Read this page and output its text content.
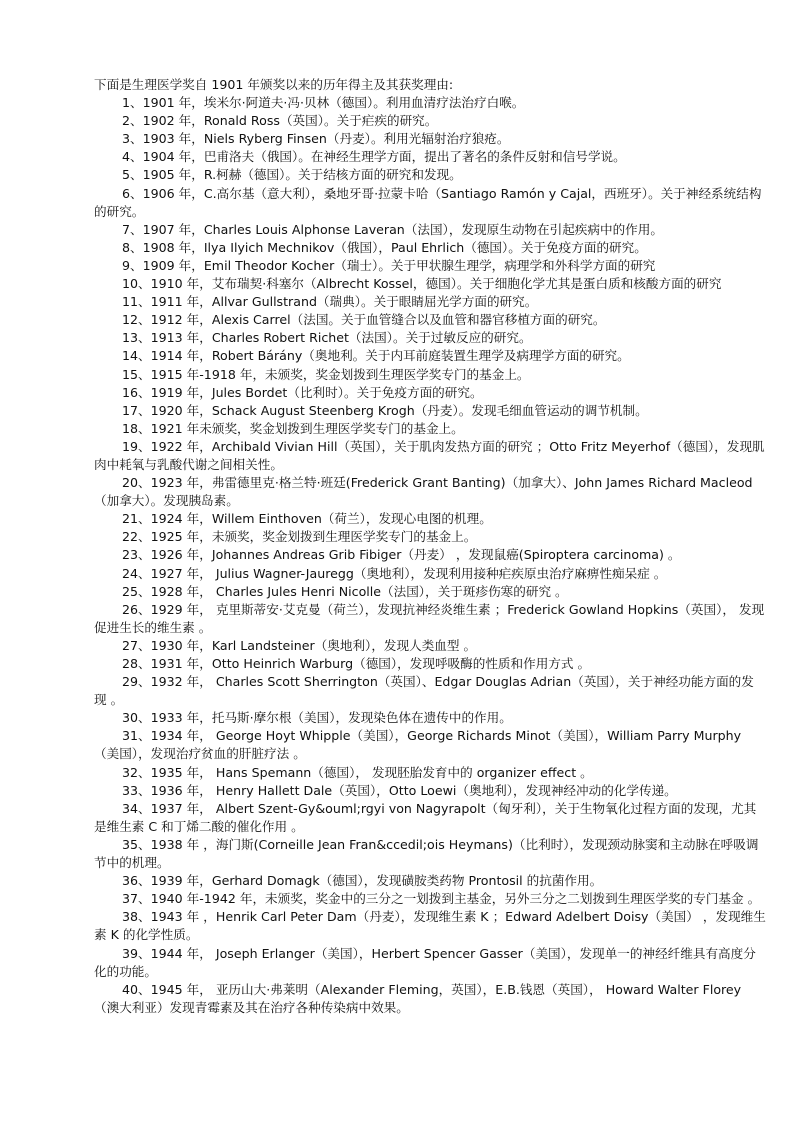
下面是生理医学奖自 1901 年颁奖以来的历年得主及其获奖理由:

1、1901 年，埃米尔·阿道夫·冯·贝林（德国）。利用血清疗法治疗白喉。

2、1902 年，Ronald Ross（英国）。关于疟疾的研究。

3、1903 年，Niels Ryberg Finsen（丹麦）。利用光辐射治疗狼疮。

4、1904 年，巴甫洛夫（俄国）。在神经生理学方面，提出了著名的条件反射和信号学说。

5、1905 年，R.柯赫（德国）。关于结核方面的研究和发现。

6、1906 年，C.高尔基（意大利），桑地牙哥·拉蒙卡哈（Santiago Ramón y Cajal，西班牙）。关于神经系统结构的研究。

7、1907 年，Charles Louis Alphonse Laveran（法国），发现原生动物在引起疾病中的作用。

8、1908 年，Ilya Ilyich Mechnikov（俄国），Paul Ehrlich（德国）。关于免疫方面的研究。

9、1909 年，Emil Theodor Kocher（瑞士）。关于甲状腺生理学，病理学和外科学方面的研究

10、1910 年，艾布瑞契·科塞尔（Albrecht Kossel，德国）。关于细胞化学尤其是蛋白质和核酸方面的研究

11、1911 年，Allvar Gullstrand（瑞典）。关于眼睛屈光学方面的研究。

12、1912 年，Alexis Carrel（法国。关于血管缝合以及血管和器官移植方面的研究。

13、1913 年，Charles Robert Richet（法国）。关于过敏反应的研究。

14、1914 年，Robert Bárány（奥地利。关于内耳前庭装置生理学及病理学方面的研究。

15、1915 年-1918 年，未颁奖，奖金划拨到生理医学奖专门的基金上。

16、1919 年，Jules Bordet（比利时）。关于免疫方面的研究。

17、1920 年，Schack August Steenberg Krogh（丹麦）。发现毛细血管运动的调节机制。

18、1921 年未颁奖，奖金划拨到生理医学奖专门的基金上。

19、1922 年，Archibald Vivian Hill（英国），关于肌肉发热方面的研究 ；Otto Fritz Meyerhof（德国），发现肌肉中耗氧与乳酸代谢之间相关性。

20、1923 年，弗雷德里克·格兰特·班廷(Frederick Grant Banting)（加拿大）、John James Richard Macleod（加拿大）。发现胰岛素。

21、1924 年，Willem Einthoven（荷兰），发现心电图的机理。

22、1925 年，未颁奖，奖金划拨到生理医学奖专门的基金上。

23、1926 年，Johannes Andreas Grib Fibiger（丹麦） ，发现鼠癌(Spiroptera carcinoma) 。

24、1927 年， Julius Wagner-Jauregg（奥地利），发现利用接种疟疾原虫治疗麻痹性痴呆症 。

25、1928 年， Charles Jules Henri Nicolle（法国），关于斑疹伤寒的研究 。

26、1929 年， 克里斯蒂安·艾克曼（荷兰），发现抗神经炎维生素 ；Frederick Gowland Hopkins（英国）， 发现促进生长的维生素 。

27、1930 年，Karl Landsteiner（奥地利），发现人类血型 。

28、1931 年，Otto Heinrich Warburg（德国），发现呼吸酶的性质和作用方式 。

29、1932 年， Charles Scott Sherrington（英国）、Edgar Douglas Adrian（英国），关于神经功能方面的发现 。

30、1933 年，托马斯·摩尔根（美国），发现染色体在遗传中的作用。

31、1934 年， George Hoyt Whipple（美国），George Richards Minot（美国），William Parry Murphy（美国），发现治疗贫血的肝脏疗法 。

32、1935 年， Hans Spemann（德国）， 发现胚胎发育中的 organizer effect 。

33、1936 年， Henry Hallett Dale（英国），Otto Loewi（奥地利），发现神经冲动的化学传递。

34、1937 年， Albert Szent-Gy&ouml;rgyi von Nagyrapolt（匈牙利），关于生物氧化过程方面的发现，尤其是维生素 C 和丁烯二酸的催化作用 。

35、1938 年 ，海门斯(Corneille Jean Fran&ccedil;ois Heymans)（比利时），发现颈动脉窦和主动脉在呼吸调节中的机理。

36、1939 年，Gerhard Domagk（德国），发现磺胺类药物 Prontosil 的抗菌作用。

37、1940 年-1942 年，未颁奖，奖金中的三分之一划拨到主基金，另外三分之二划拨到生理医学奖的专门基金 。

38、1943 年 ，Henrik Carl Peter Dam（丹麦），发现维生素 K ；Edward Adelbert Doisy（美国） ，发现维生素 K 的化学性质。

39、1944 年， Joseph Erlanger（美国），Herbert Spencer Gasser（美国），发现单一的神经纤维具有高度分化的功能。

40、1945 年， 亚历山大·弗莱明（Alexander Fleming，英国），E.B.钱恩（英国）， Howard Walter Florey（澳大利亚）发现青霉素及其在治疗各种传染病中效果。
